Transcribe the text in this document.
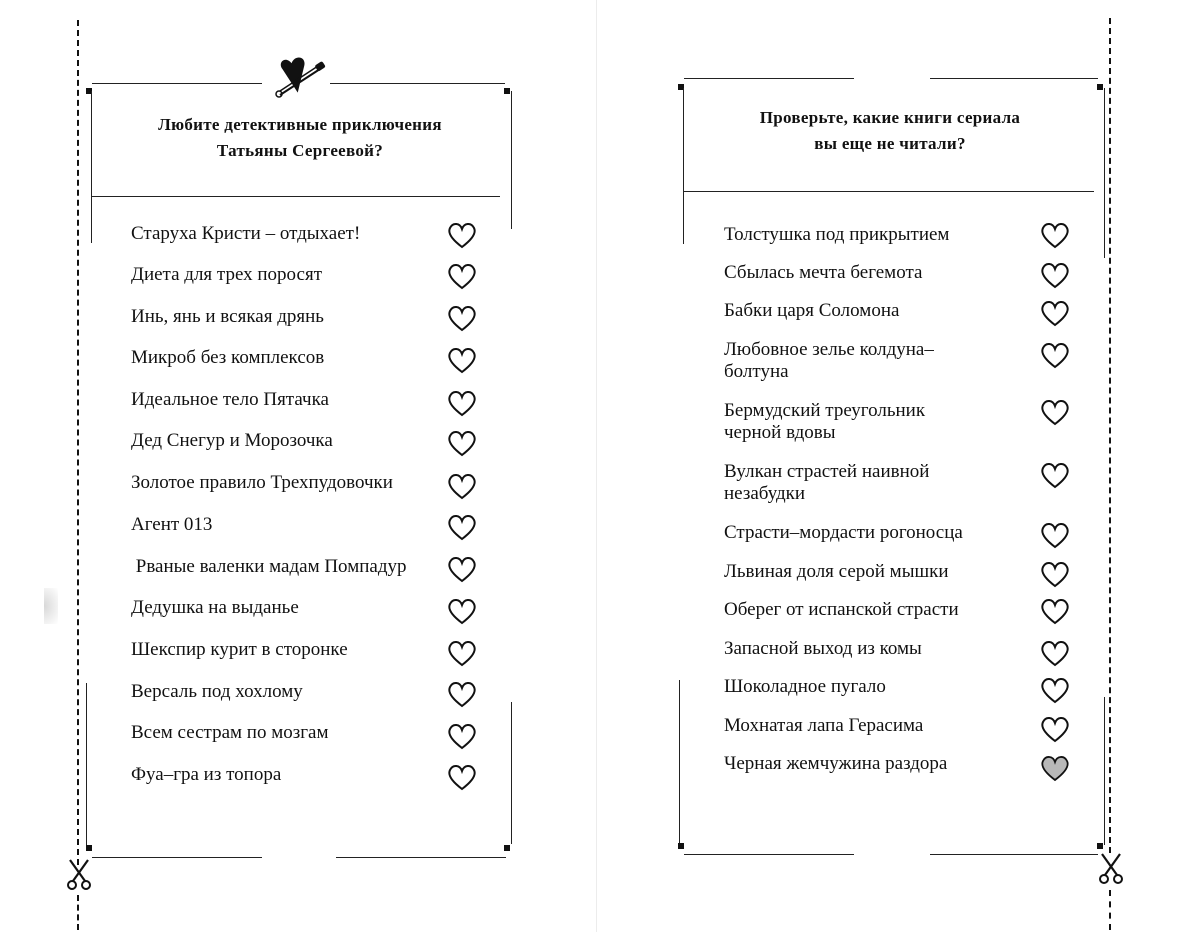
Любите детективные приключения
Татьяны Сергеевой?
Старуха Кристи – отдыхает!
Диета для трех поросят
Инь, янь и всякая дрянь
Микроб без комплексов
Идеальное тело Пятачка
Дед Снегур и Морозочка
Золотое правило Трехпудовочки
Агент 013
Рваные валенки мадам Помпадур
Дедушка на выданье
Шекспир курит в сторонке
Версаль под хохлому
Всем сестрам по мозгам
Фуа–гра из топора
Проверьте, какие книги сериала
вы еще не читали?
Толстушка под прикрытием
Сбылась мечта бегемота
Бабки царя Соломона
Любовное зелье колдуна–болтуна
Бермудский треугольник черной вдовы
Вулкан страстей наивной незабудки
Страсти–мордасти рогоносца
Львиная доля серой мышки
Оберег от испанской страсти
Запасной выход из комы
Шоколадное пугало
Мохнатая лапа Герасима
Черная жемчужина раздора
